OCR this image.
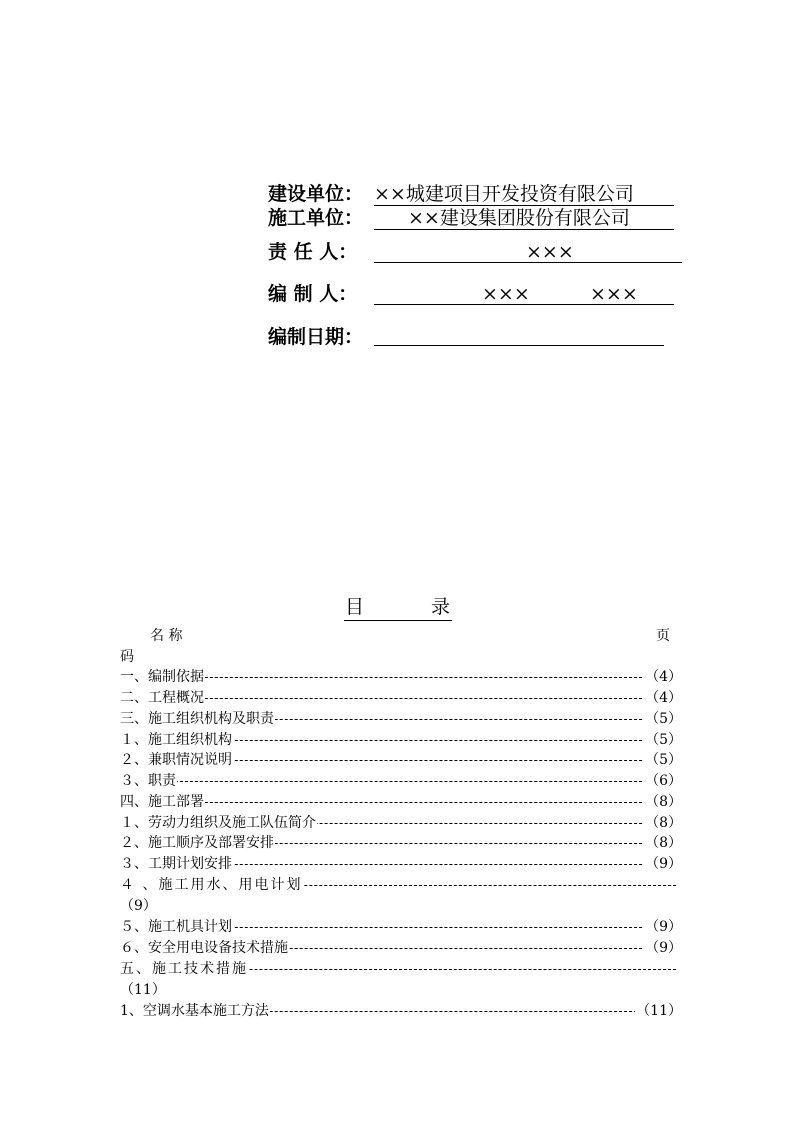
建设单位： ××城建项目开发投资有限公司
施工单位： ××建设集团股份有限公司
责 任 人：	×××
编 制 人：	×××	×××
编制日期：
目	录
名 称	页
码
一、编制依据	（4）
二、工程概况	（4）
三、施工组织机构及职责	（5）
１、施工组织机构	（5）
２、兼职情况说明	（5）
３、职责	（6）
四、施工部署	（8）
１、劳动力组织及施工队伍简介	（8）
２、施工顺序及部署安排	（8）
３、工期计划安排	（9）
４ 、施工用水、用电计划
（9）
５、施工机具计划	（9）
６、安全用电设备技术措施	（9）
五、施工技术措施
（11）
1、空调水基本施工方法	（11）
